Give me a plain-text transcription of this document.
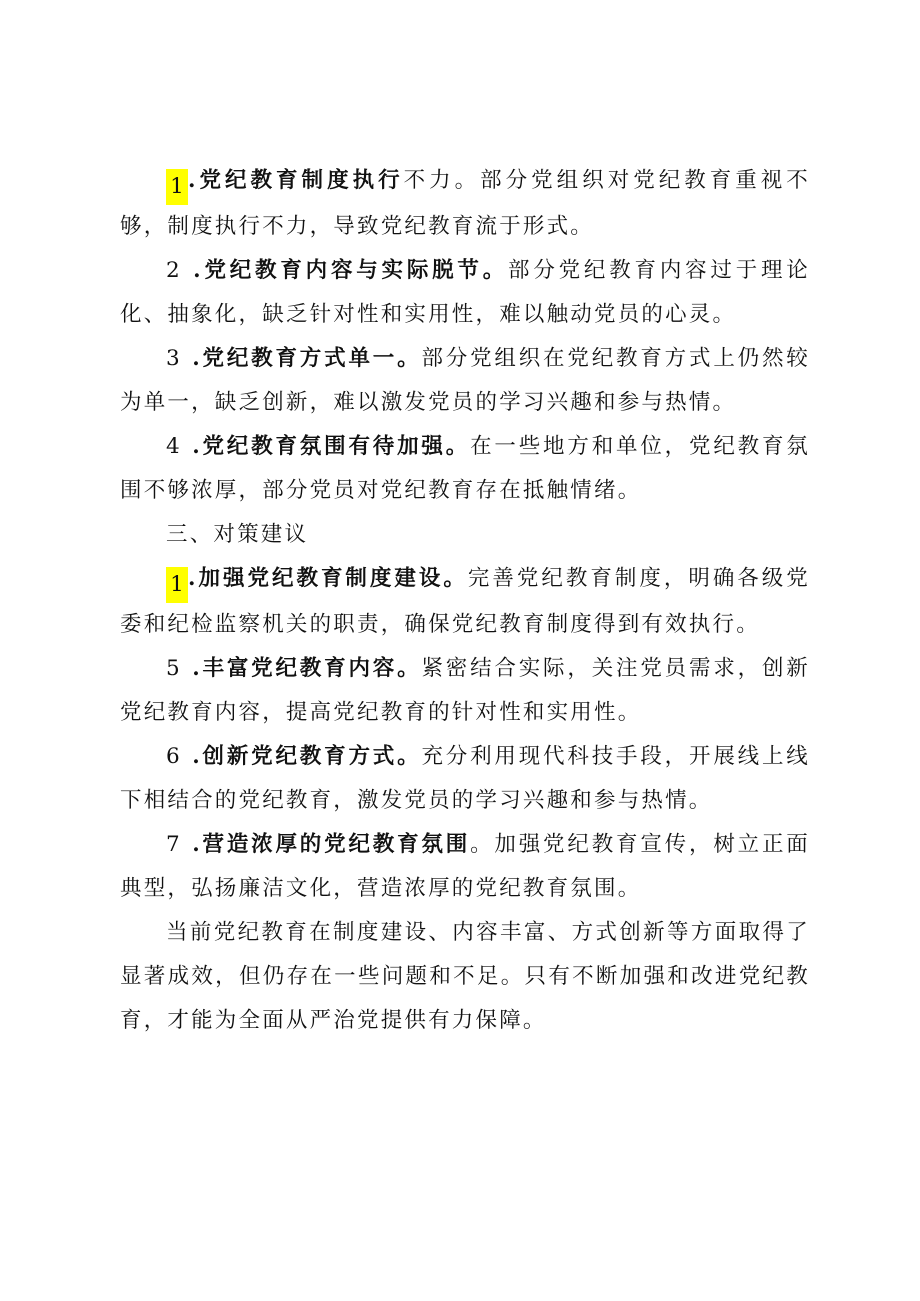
1 .党纪教育制度执行不力。部分党组织对党纪教育重视不够，制度执行不力，导致党纪教育流于形式。

2 .党纪教育内容与实际脱节。部分党纪教育内容过于理论化、抽象化，缺乏针对性和实用性，难以触动党员的心灵。

3 .党纪教育方式单一。部分党组织在党纪教育方式上仍然较为单一，缺乏创新，难以激发党员的学习兴趣和参与热情。

4 .党纪教育氛围有待加强。在一些地方和单位，党纪教育氛围不够浓厚，部分党员对党纪教育存在抵触情绪。

三、对策建议

1 .加强党纪教育制度建设。完善党纪教育制度，明确各级党委和纪检监察机关的职责，确保党纪教育制度得到有效执行。

5 .丰富党纪教育内容。紧密结合实际，关注党员需求，创新党纪教育内容，提高党纪教育的针对性和实用性。

6 .创新党纪教育方式。充分利用现代科技手段，开展线上线下相结合的党纪教育，激发党员的学习兴趣和参与热情。

7 .营造浓厚的党纪教育氛围。加强党纪教育宣传，树立正面典型，弘扬廉洁文化，营造浓厚的党纪教育氛围。

当前党纪教育在制度建设、内容丰富、方式创新等方面取得了显著成效，但仍存在一些问题和不足。只有不断加强和改进党纪教育，才能为全面从严治党提供有力保障。
